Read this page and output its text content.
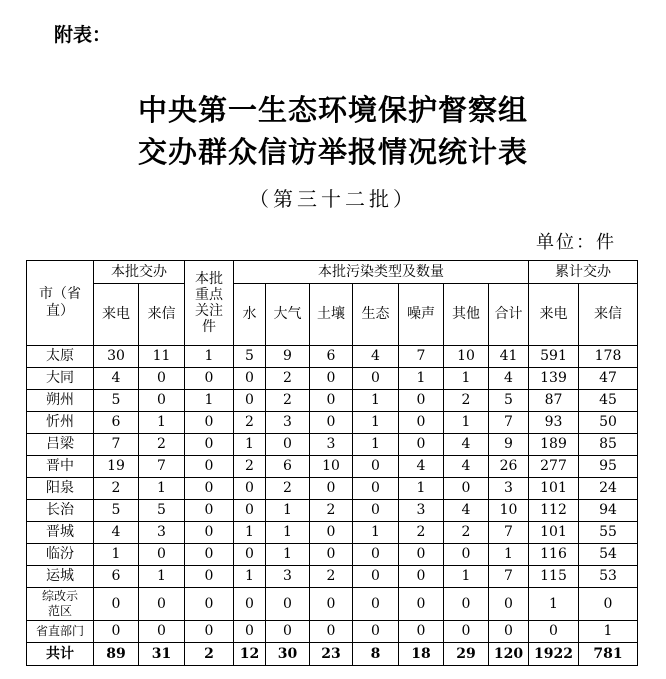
附表：
中央第一生态环境保护督察组
交办群众信访举报情况统计表
（第三十二批）
单位：件
市（省直）	本批交办		本批重点关注件	本批污染类型及数量							累计交办	
	来电	来信		水	大气	土壤	生态	噪声	其他	合计	来电	来信
太原	30	11	1	5	9	6	4	7	10	41	591	178
大同	4	0	0	0	2	0	0	1	1	4	139	47
朔州	5	0	1	0	2	0	1	0	2	5	87	45
忻州	6	1	0	2	3	0	1	0	1	7	93	50
吕梁	7	2	0	1	0	3	1	0	4	9	189	85
晋中	19	7	0	2	6	10	0	4	4	26	277	95
阳泉	2	1	0	0	2	0	0	1	0	3	101	24
长治	5	5	0	0	1	2	0	3	4	10	112	94
晋城	4	3	0	1	1	0	1	2	2	7	101	55
临汾	1	0	0	0	1	0	0	0	0	1	116	54
运城	6	1	0	1	3	2	0	0	1	7	115	53
综改示范区	0	0	0	0	0	0	0	0	0	0	1	0
省直部门	0	0	0	0	0	0	0	0	0	0	0	1
共计	89	31	2	12	30	23	8	18	29	120	1922	781
